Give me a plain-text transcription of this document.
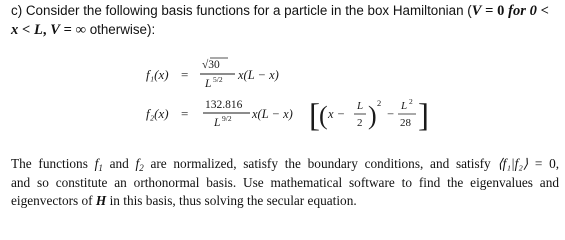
c) Consider the following basis functions for a particle in the box Hamiltonian (V = 0 for 0 <
x < L, V = ∞ otherwise):
f₁(x) =
√30
L 5/2 x(L − x)
f₂(x) =
132.816
L 9/2 x(L − x) [ ( x −
L
2 ) 2
−
L 2
28 ]
The functions $f_1$ and $f_2$ are normalized, satisfy the boundary conditions, and satisfy ⟨f₁|f₂⟩ = 0,
and so constitute an orthonormal basis. Use mathematical software to find the eigenvalues and
eigenvectors of H in this basis, thus solving the secular equation.
